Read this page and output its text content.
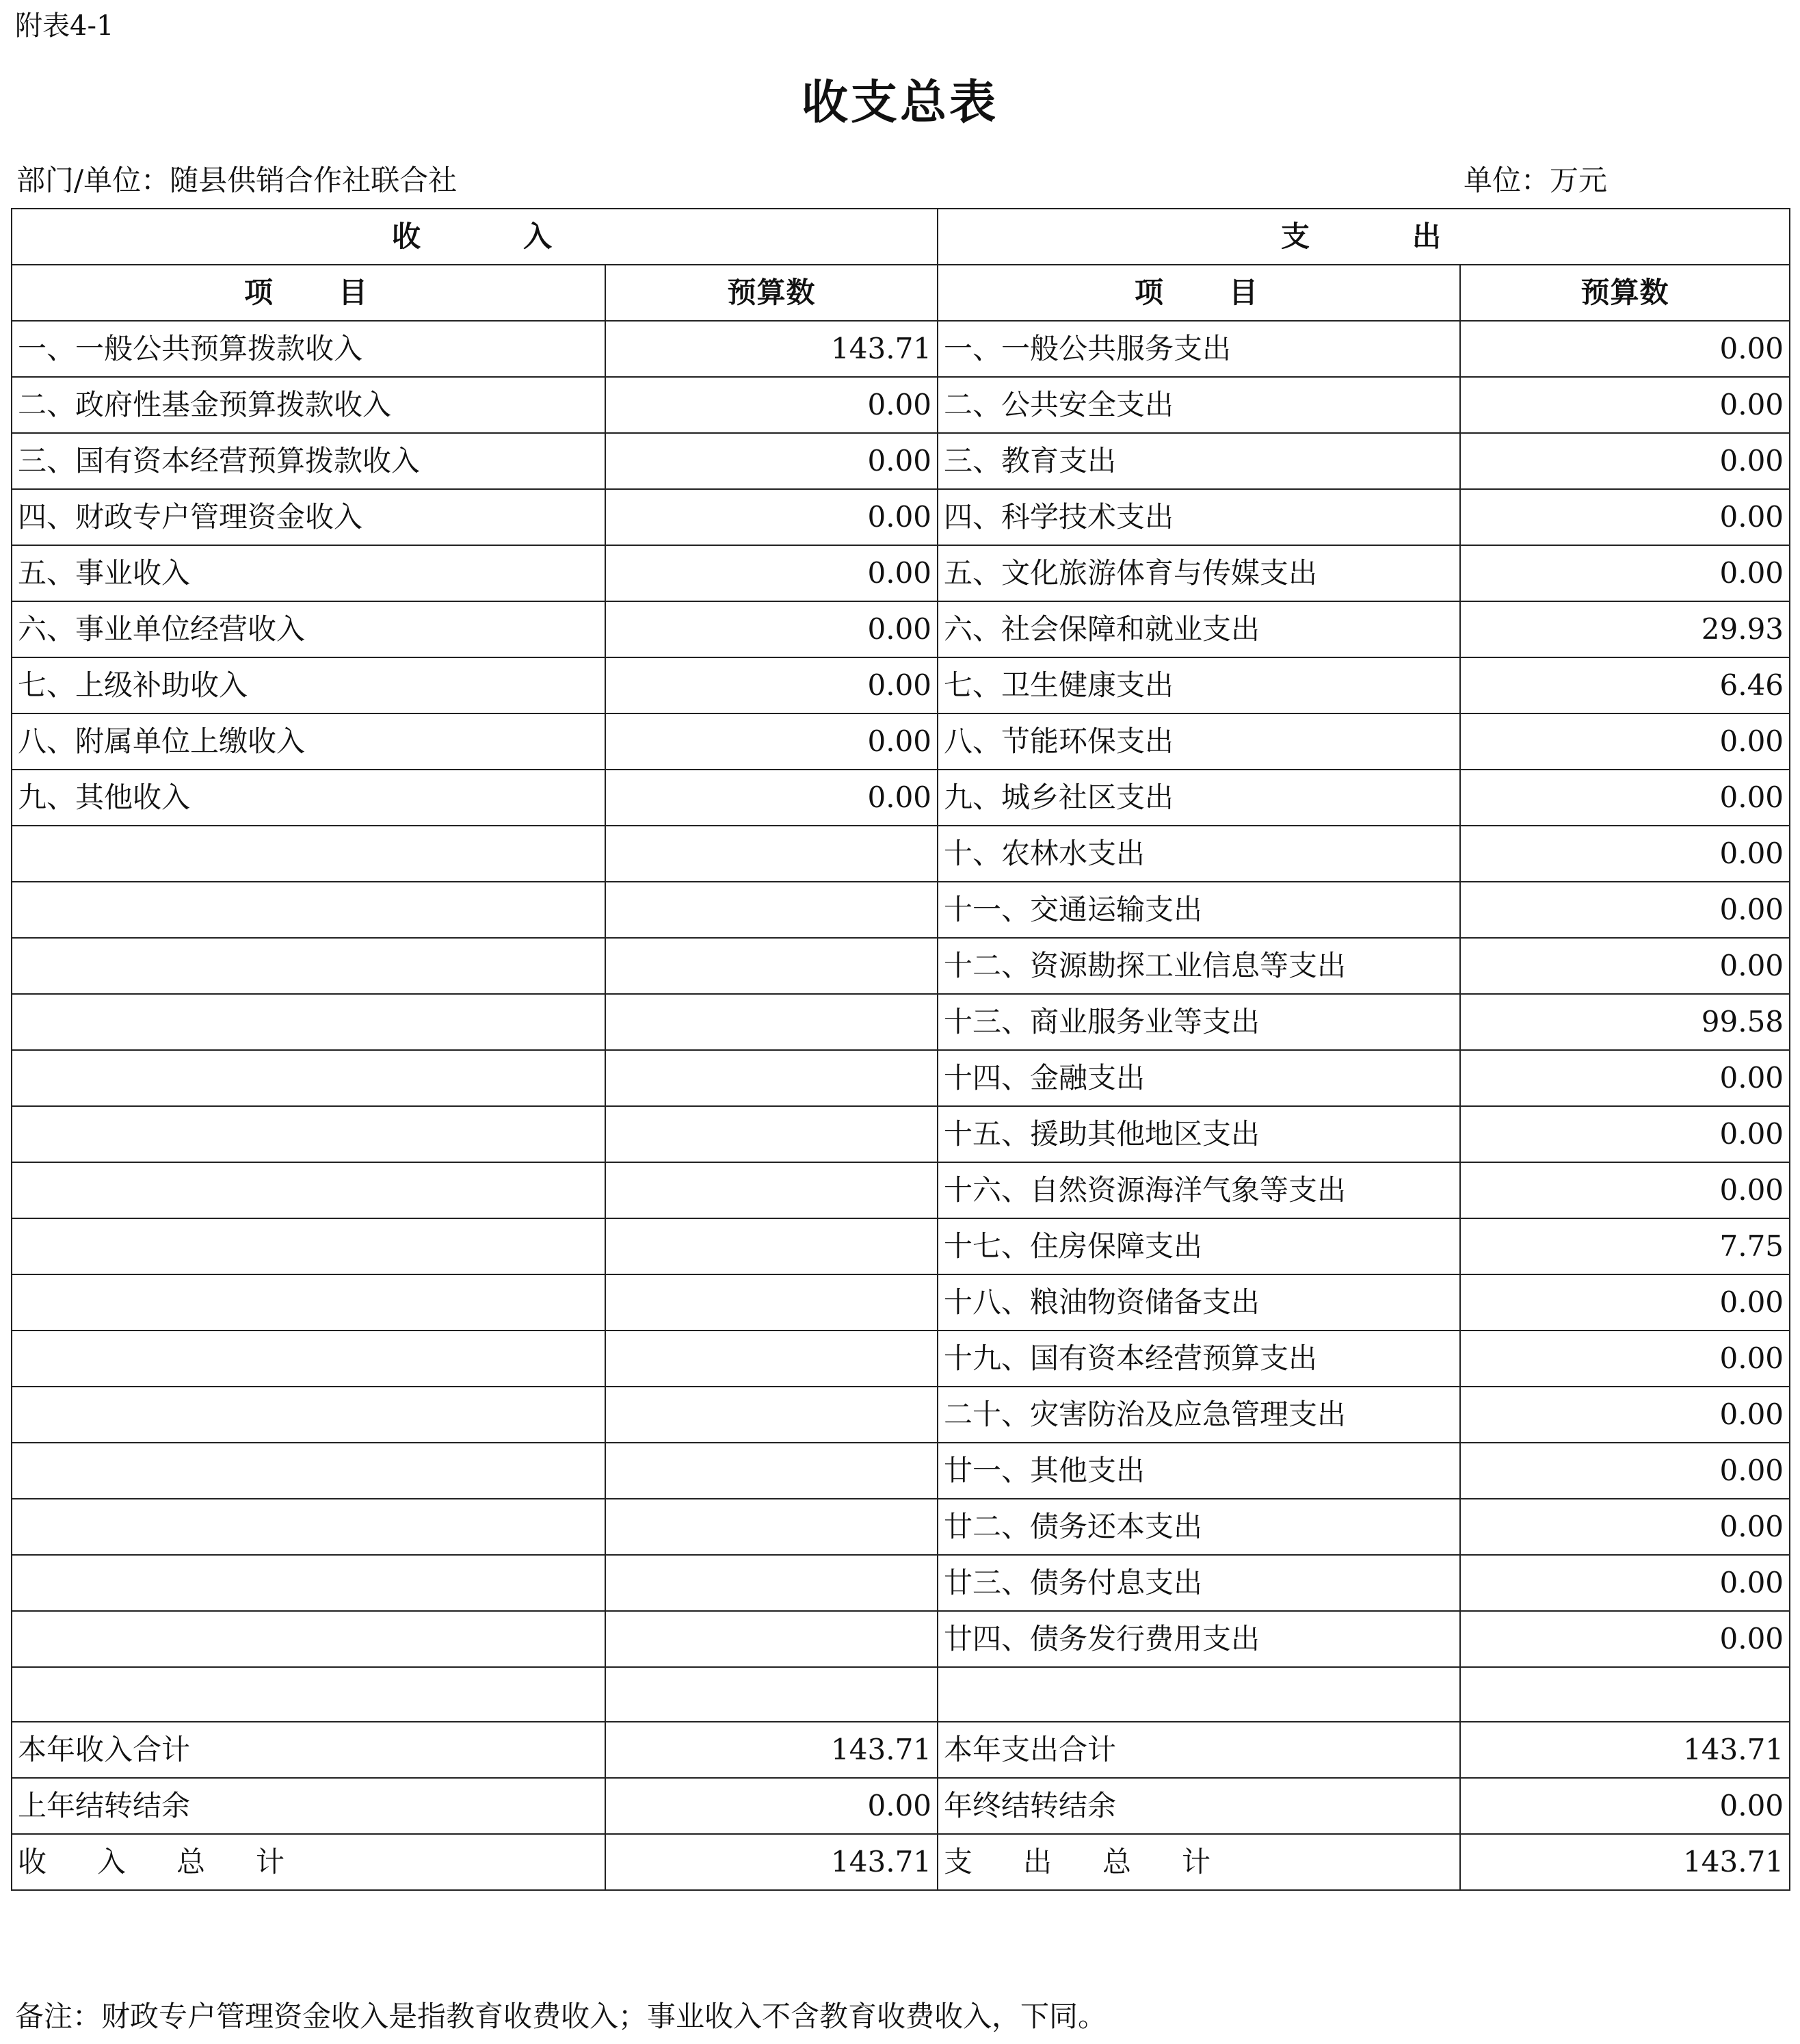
附表4-1
收支总表
部门/单位：随县供销合作社联合社	单位：万元
收入		支出	
项目	预算数	项目	预算数
一、一般公共预算拨款收入	143.71	一、一般公共服务支出	0.00
二、政府性基金预算拨款收入	0.00	二、公共安全支出	0.00
三、国有资本经营预算拨款收入	0.00	三、教育支出	0.00
四、财政专户管理资金收入	0.00	四、科学技术支出	0.00
五、事业收入	0.00	五、文化旅游体育与传媒支出	0.00
六、事业单位经营收入	0.00	六、社会保障和就业支出	29.93
七、上级补助收入	0.00	七、卫生健康支出	6.46
八、附属单位上缴收入	0.00	八、节能环保支出	0.00
九、其他收入	0.00	九、城乡社区支出	0.00
		十、农林水支出	0.00
		十一、交通运输支出	0.00
		十二、资源勘探工业信息等支出	0.00
		十三、商业服务业等支出	99.58
		十四、金融支出	0.00
		十五、援助其他地区支出	0.00
		十六、自然资源海洋气象等支出	0.00
		十七、住房保障支出	7.75
		十八、粮油物资储备支出	0.00
		十九、国有资本经营预算支出	0.00
		二十、灾害防治及应急管理支出	0.00
		廿一、其他支出	0.00
		廿二、债务还本支出	0.00
		廿三、债务付息支出	0.00
		廿四、债务发行费用支出	0.00

本年收入合计	143.71	本年支出合计	143.71
上年结转结余	0.00	年终结转结余	0.00
收入总计	143.71	支出总计	143.71
备注：财政专户管理资金收入是指教育收费收入；事业收入不含教育收费收入，下同。
